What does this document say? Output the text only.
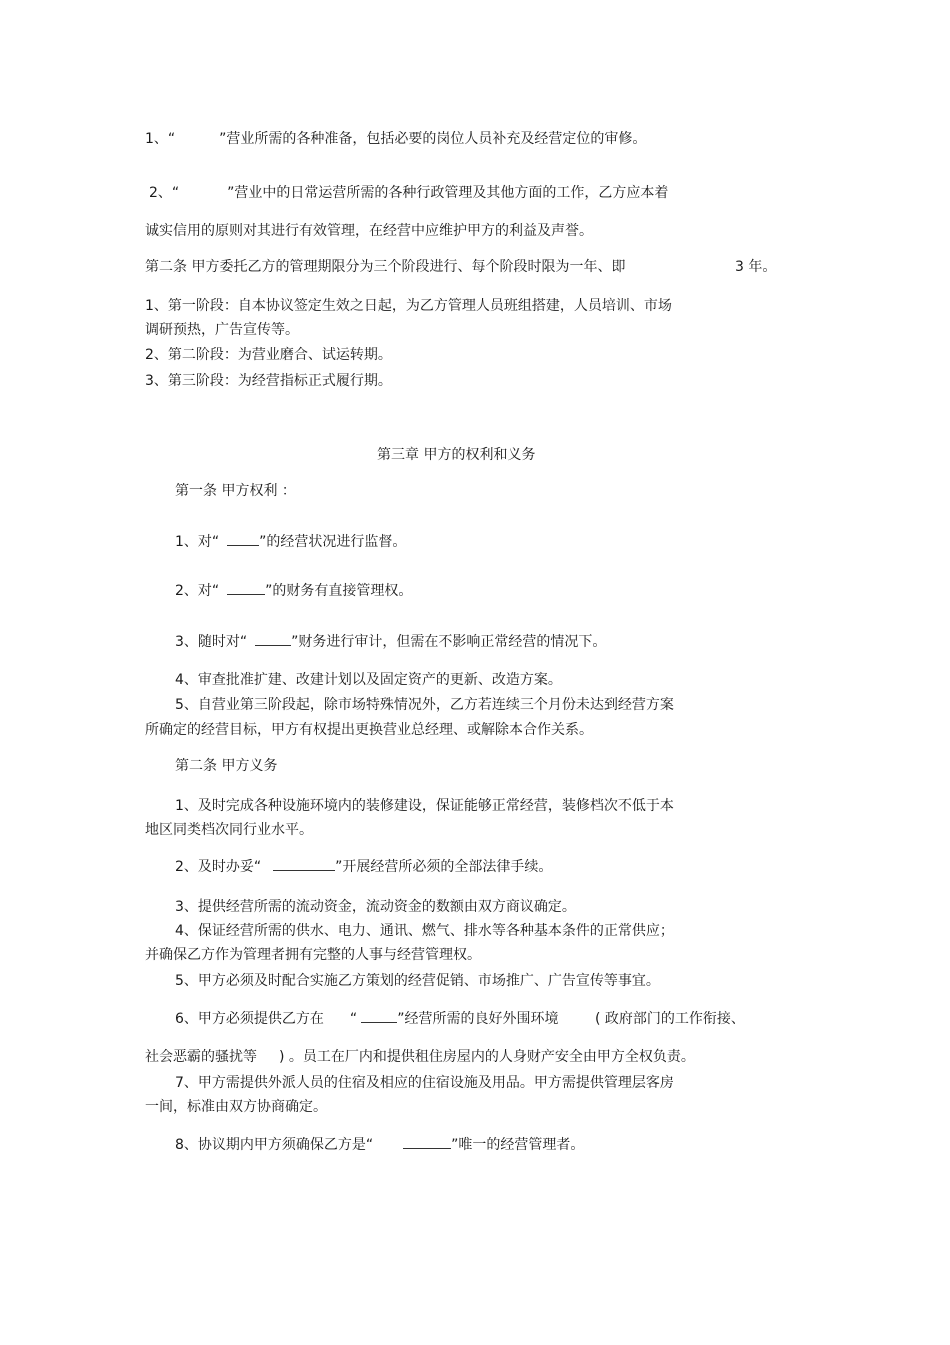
1、“	”营业所需的各种准备，包括必要的岗位人员补充及经营定位的审修。

2、“	”营业中的日常运营所需的各种行政管理及其他方面的工作，乙方应本着

诚实信用的原则对其进行有效管理，在经营中应维护甲方的利益及声誉。

第二条 甲方委托乙方的管理期限分为三个阶段进行、每个阶段时限为一年、即	3 年。

1、第一阶段：自本协议签定生效之日起，为乙方管理人员班组搭建，人员培训、市场

调研预热，广告宣传等。

2、第二阶段：为营业磨合、试运转期。

3、第三阶段：为经营指标正式履行期。

第三章 甲方的权利和义务

第一条 甲方权利 ：

1、对“	”的经营状况进行监督。

2、对“	”的财务有直接管理权。

3、随时对“	”财务进行审计，但需在不影响正常经营的情况下。

4、审查批准扩建、改建计划以及固定资产的更新、改造方案。

5、自营业第三阶段起，除市场特殊情况外，乙方若连续三个月份未达到经营方案

所确定的经营目标，甲方有权提出更换营业总经理、或解除本合作关系。

第二条 甲方义务

1、及时完成各种设施环境内的装修建设，保证能够正常经营，装修档次不低于本

地区同类档次同行业水平。

2、及时办妥“	”开展经营所必须的全部法律手续。

3、提供经营所需的流动资金，流动资金的数额由双方商议确定。

4、保证经营所需的供水、电力、通讯、燃气、排水等各种基本条件的正常供应；

并确保乙方作为管理者拥有完整的人事与经营管理权。

5、甲方必须及时配合实施乙方策划的经营促销、市场推广、广告宣传等事宜。

6、甲方必须提供乙方在 “	”经营所需的良好外围环境	( 政府部门的工作衔接、

社会恶霸的骚扰等 ) 。员工在厂内和提供租住房屋内的人身财产安全由甲方全权负责。

7、甲方需提供外派人员的住宿及相应的住宿设施及用品。甲方需提供管理层客房

一间，标准由双方协商确定。

8、协议期内甲方须确保乙方是“	”唯一的经营管理者。
